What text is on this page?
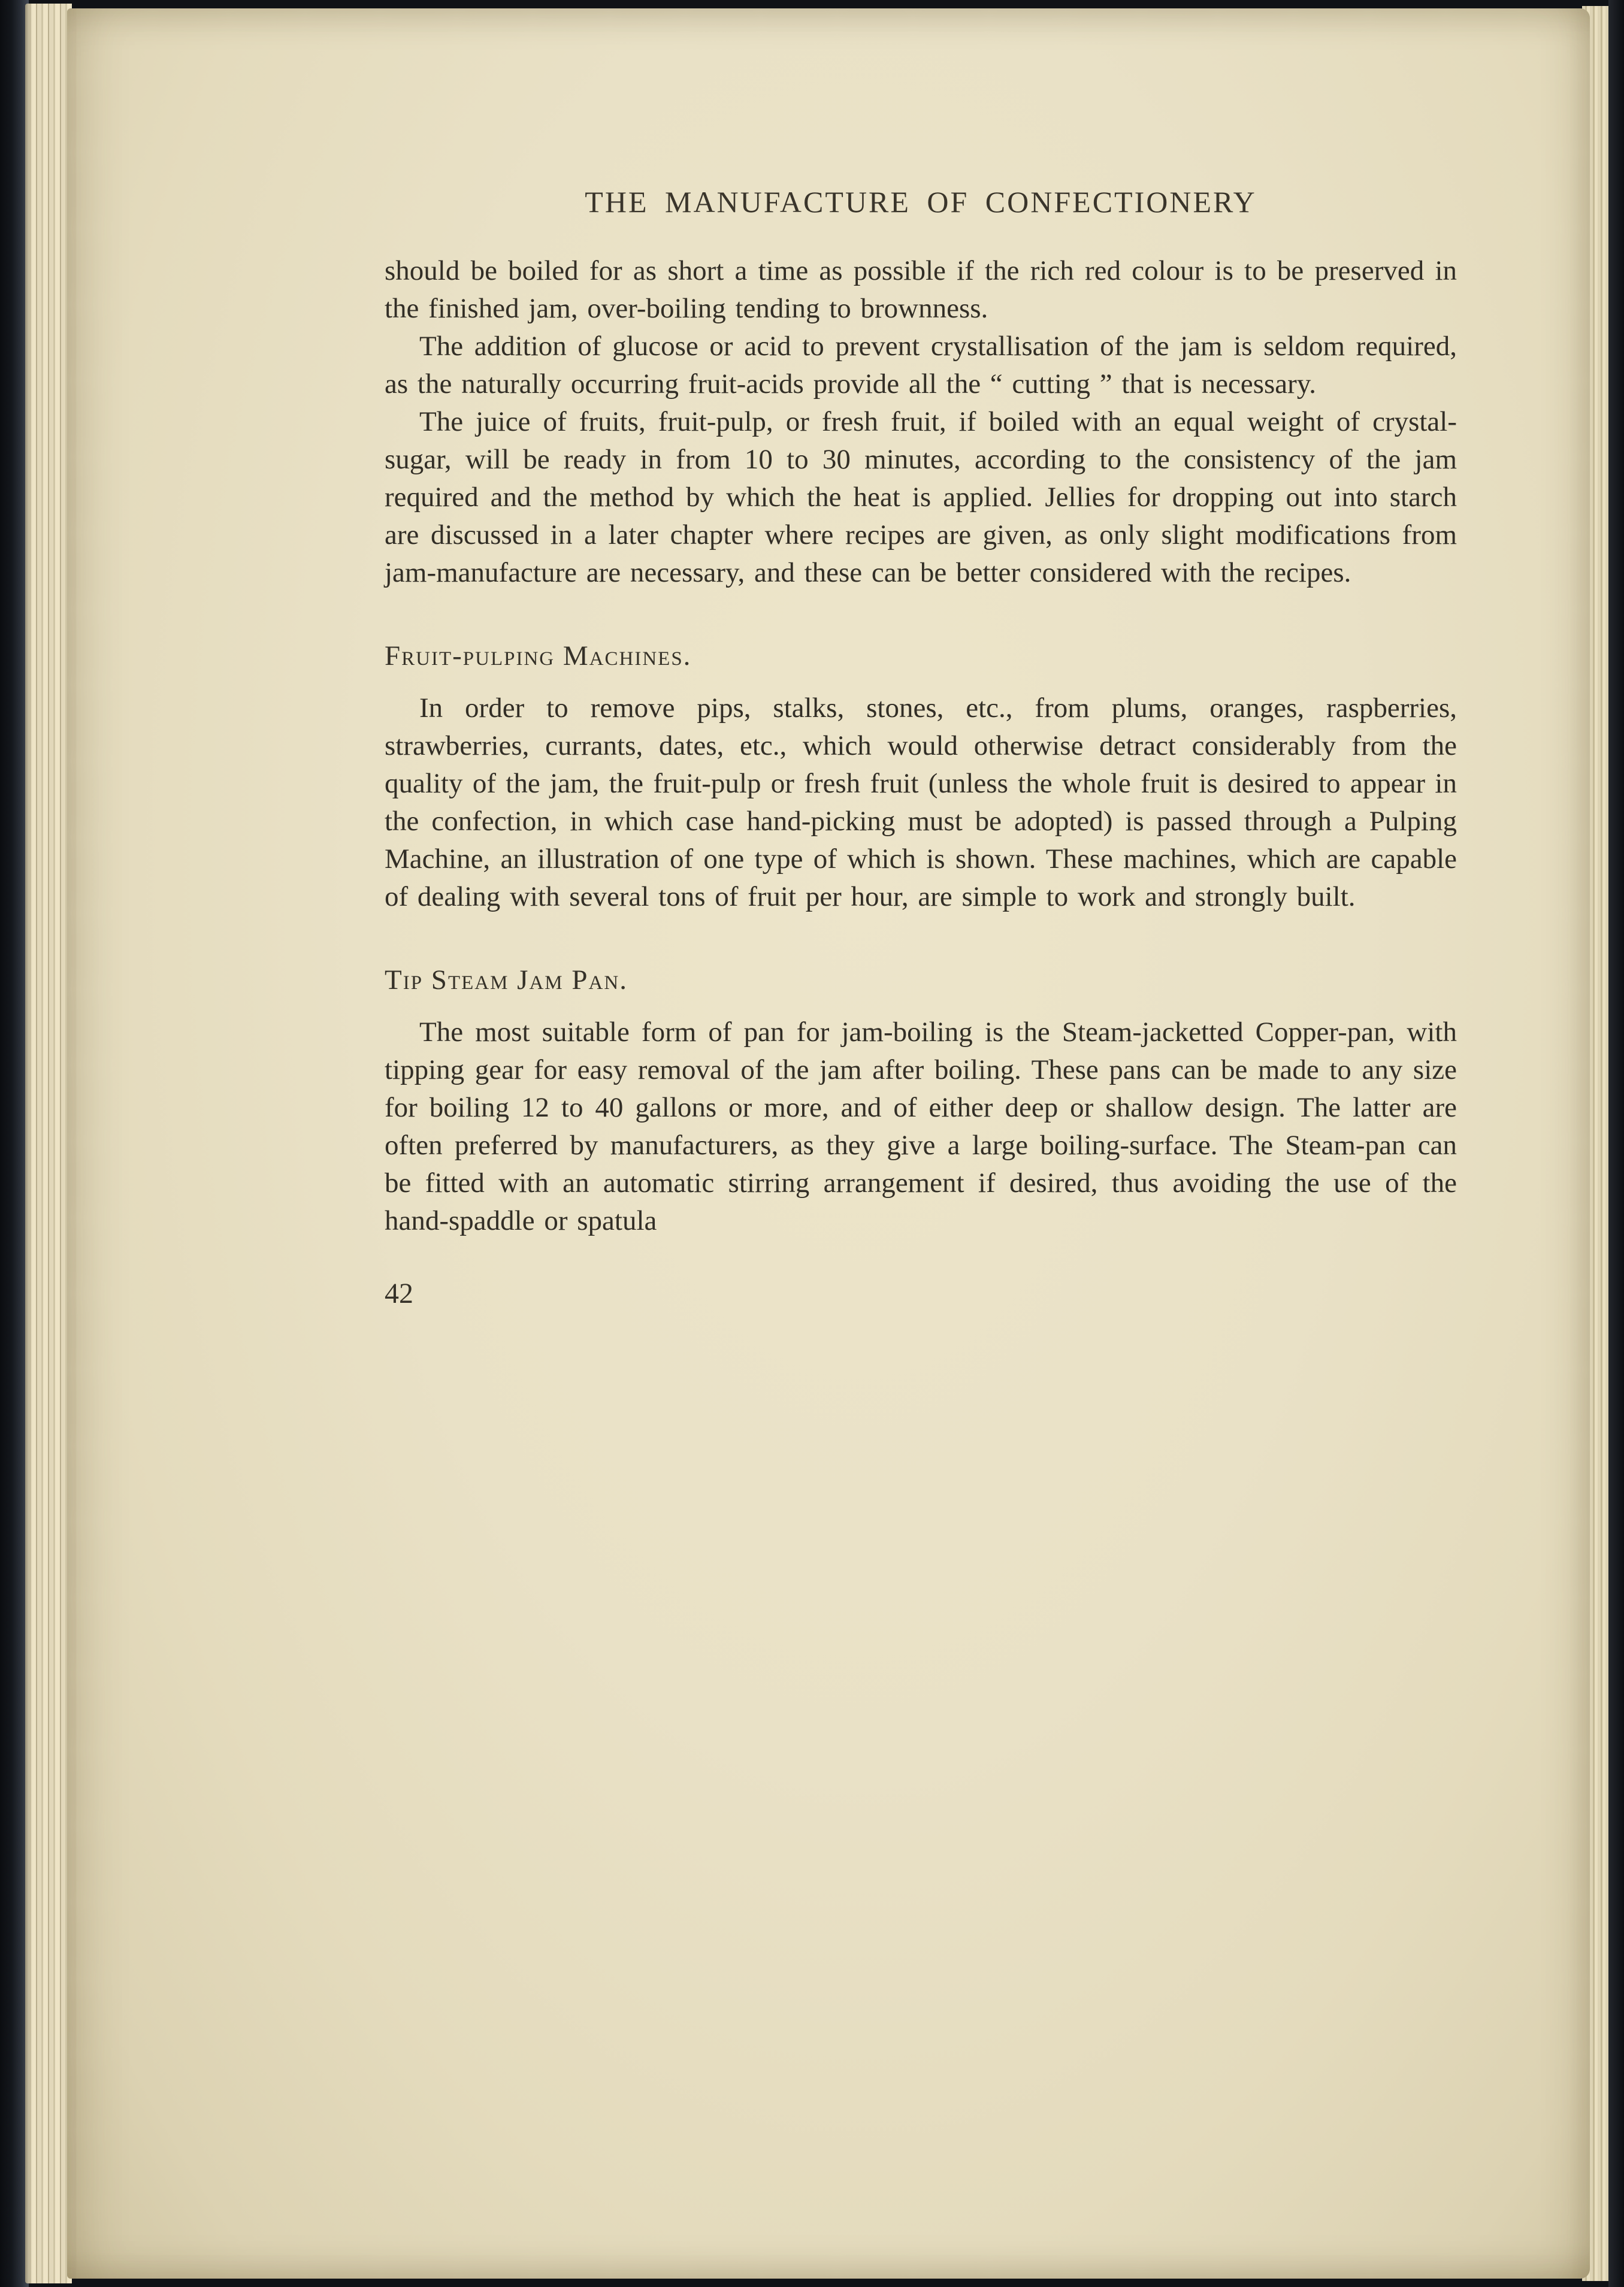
THE MANUFACTURE OF CONFECTIONERY

should be boiled for as short a time as possible if the rich red colour is to be preserved in the finished jam, over-boiling tending to brownness.

The addition of glucose or acid to prevent crystallisation of the jam is seldom required, as the naturally occurring fruit-acids provide all the “ cutting ” that is necessary.

The juice of fruits, fruit-pulp, or fresh fruit, if boiled with an equal weight of crystal-sugar, will be ready in from 10 to 30 minutes, according to the consistency of the jam required and the method by which the heat is applied. Jellies for dropping out into starch are discussed in a later chapter where recipes are given, as only slight modifications from jam-manufacture are necessary, and these can be better considered with the recipes.

Fruit-pulping Machines.

In order to remove pips, stalks, stones, etc., from plums, oranges, raspberries, strawberries, currants, dates, etc., which would otherwise detract considerably from the quality of the jam, the fruit-pulp or fresh fruit (unless the whole fruit is desired to appear in the confection, in which case hand-picking must be adopted) is passed through a Pulping Machine, an illustration of one type of which is shown. These machines, which are capable of dealing with several tons of fruit per hour, are simple to work and strongly built.

Tip Steam Jam Pan.

The most suitable form of pan for jam-boiling is the Steam-jacketted Copper-pan, with tipping gear for easy removal of the jam after boiling. These pans can be made to any size for boiling 12 to 40 gallons or more, and of either deep or shallow design. The latter are often preferred by manufacturers, as they give a large boiling-surface. The Steam-pan can be fitted with an automatic stirring arrangement if desired, thus avoiding the use of the hand-spaddle or spatula

42
